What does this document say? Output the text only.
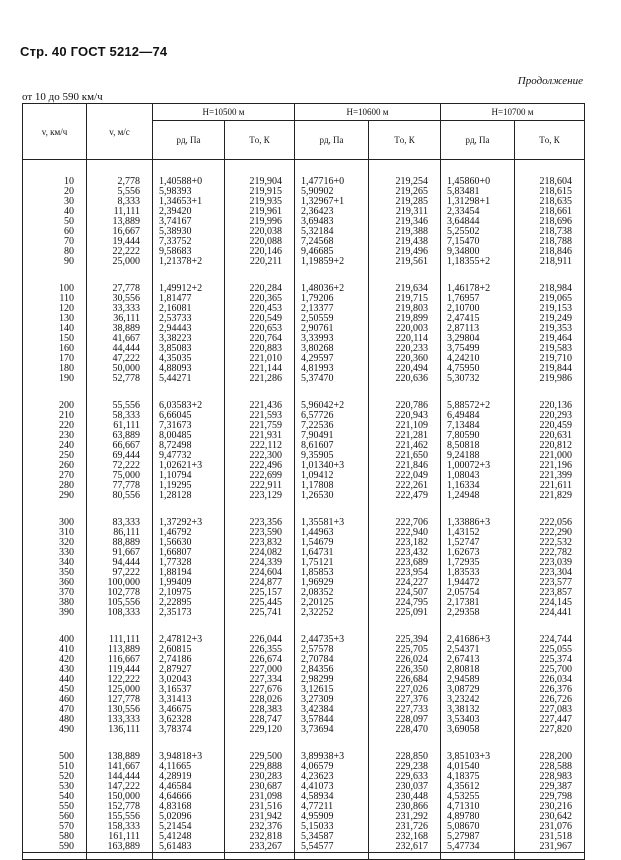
Стр. 40 ГОСТ 5212—74
Продолжение
от 10 до 590 км/ч
v, км/ч	v, м/с	H=10500 м		H=10600 м		H=10700 м	
		pд, Па	Tо, К	pд, Па	Tо, К	pд, Па	Tо, К

10	2,778	1,40588+0	219,904	1,47716+0	219,254	1,45860+0	218,604
20	5,556	5,98393	219,915	5,90902	219,265	5,83481	218,615
30	8,333	1,34653+1	219,935	1,32967+1	219,285	1,31298+1	218,635
40	11,111	2,39420	219,961	2,36423	219,311	2,33454	218,661
50	13,889	3,74167	219,996	3,69483	219,346	3,64844	218,696
60	16,667	5,38930	220,038	5,32184	219,388	5,25502	218,738
70	19,444	7,33752	220,088	7,24568	219,438	7,15470	218,788
80	22,222	9,58683	220,146	9,46685	219,496	9,34800	218,846
90	25,000	1,21378+2	220,211	1,19859+2	219,561	1,18355+2	218,911

100	27,778	1,49912+2	220,284	1,48036+2	219,634	1,46178+2	218,984
110	30,556	1,81477	220,365	1,79206	219,715	1,76957	219,065
120	33,333	2,16081	220,453	2,13377	219,803	2,10700	219,153
130	36,111	2,53733	220,549	2,50559	219,899	2,47415	219,249
140	38,889	2,94443	220,653	2,90761	220,003	2,87113	219,353
150	41,667	3,38223	220,764	3,33993	220,114	3,29804	219,464
160	44,444	3,85083	220,883	3,80268	220,233	3,75499	219,583
170	47,222	4,35035	221,010	4,29597	220,360	4,24210	219,710
180	50,000	4,88093	221,144	4,81993	220,494	4,75950	219,844
190	52,778	5,44271	221,286	5,37470	220,636	5,30732	219,986

200	55,556	6,03583+2	221,436	5,96042+2	220,786	5,88572+2	220,136
210	58,333	6,66045	221,593	6,57726	220,943	6,49484	220,293
220	61,111	7,31673	221,759	7,22536	221,109	7,13484	220,459
230	63,889	8,00485	221,931	7,90491	221,281	7,80590	220,631
240	66,667	8,72498	222,112	8,61607	221,462	8,50818	220,812
250	69,444	9,47732	222,300	9,35905	221,650	9,24188	221,000
260	72,222	1,02621+3	222,496	1,01340+3	221,846	1,00072+3	221,196
270	75,000	1,10794	222,699	1,09412	222,049	1,08043	221,399
280	77,778	1,19295	222,911	1,17808	222,261	1,16334	221,611
290	80,556	1,28128	223,129	1,26530	222,479	1,24948	221,829

300	83,333	1,37292+3	223,356	1,35581+3	222,706	1,33886+3	222,056
310	86,111	1,46792	223,590	1,44963	222,940	1,43152	222,290
320	88,889	1,56630	223,832	1,54679	223,182	1,52747	222,532
330	91,667	1,66807	224,082	1,64731	223,432	1,62673	222,782
340	94,444	1,77328	224,339	1,75121	223,689	1,72935	223,039
350	97,222	1,88194	224,604	1,85853	223,954	1,83533	223,304
360	100,000	1,99409	224,877	1,96929	224,227	1,94472	223,577
370	102,778	2,10975	225,157	2,08352	224,507	2,05754	223,857
380	105,556	2,22895	225,445	2,20125	224,795	2,17381	224,145
390	108,333	2,35173	225,741	2,32252	225,091	2,29358	224,441

400	111,111	2,47812+3	226,044	2,44735+3	225,394	2,41686+3	224,744
410	113,889	2,60815	226,355	2,57578	225,705	2,54371	225,055
420	116,667	2,74186	226,674	2,70784	226,024	2,67413	225,374
430	119,444	2,87927	227,000	2,84356	226,350	2,80818	225,700
440	122,222	3,02043	227,334	2,98299	226,684	2,94589	226,034
450	125,000	3,16537	227,676	3,12615	227,026	3,08729	226,376
460	127,778	3,31413	228,026	3,27309	227,376	3,23242	226,726
470	130,556	3,46675	228,383	3,42384	227,733	3,38132	227,083
480	133,333	3,62328	228,747	3,57844	228,097	3,53403	227,447
490	136,111	3,78374	229,120	3,73694	228,470	3,69058	227,820

500	138,889	3,94818+3	229,500	3,89938+3	228,850	3,85103+3	228,200
510	141,667	4,11665	229,888	4,06579	229,238	4,01540	228,588
520	144,444	4,28919	230,283	4,23623	229,633	4,18375	228,983
530	147,222	4,46584	230,687	4,41073	230,037	4,35612	229,387
540	150,000	4,64666	231,098	4,58934	230,448	4,53255	229,798
550	152,778	4,83168	231,516	4,77211	230,866	4,71310	230,216
560	155,556	5,02096	231,942	4,95909	231,292	4,89780	230,642
570	158,333	5,21454	232,376	5,15033	231,726	5,08670	231,076
580	161,111	5,41248	232,818	5,34587	232,168	5,27987	231,518
590	163,889	5,61483	233,267	5,54577	232,617	5,47734	231,967
